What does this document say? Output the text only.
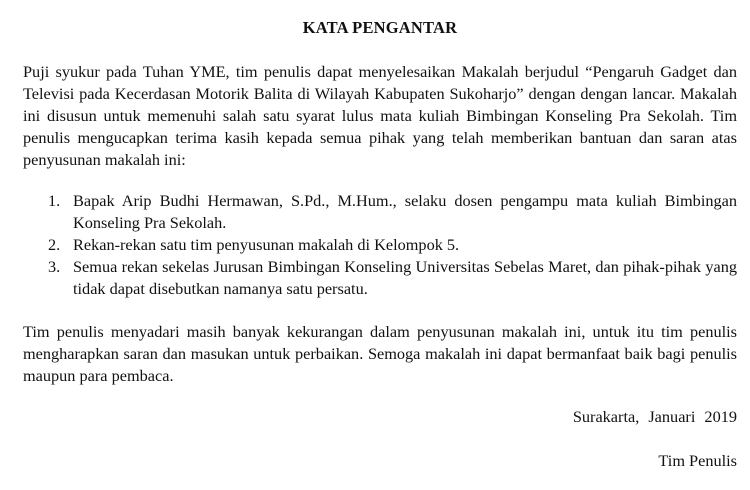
KATA PENGANTAR
Puji syukur pada Tuhan YME, tim penulis dapat menyelesaikan Makalah berjudul “Pengaruh Gadget dan Televisi pada Kecerdasan Motorik Balita di Wilayah Kabupaten Sukoharjo” dengan dengan lancar. Makalah ini disusun untuk memenuhi salah satu syarat lulus mata kuliah Bimbingan Konseling Pra Sekolah. Tim penulis mengucapkan terima kasih kepada semua pihak yang telah memberikan bantuan dan saran atas penyusunan makalah ini:
1. Bapak Arip Budhi Hermawan, S.Pd., M.Hum., selaku dosen pengampu mata kuliah Bimbingan Konseling Pra Sekolah.
2. Rekan-rekan satu tim penyusunan makalah di Kelompok 5.
3. Semua rekan sekelas Jurusan Bimbingan Konseling Universitas Sebelas Maret, dan pihak-pihak yang tidak dapat disebutkan namanya satu persatu.
Tim penulis menyadari masih banyak kekurangan dalam penyusunan makalah ini, untuk itu tim penulis mengharapkan saran dan masukan untuk perbaikan. Semoga makalah ini dapat bermanfaat baik bagi penulis maupun para pembaca.
Surakarta, Januari 2019
Tim Penulis
